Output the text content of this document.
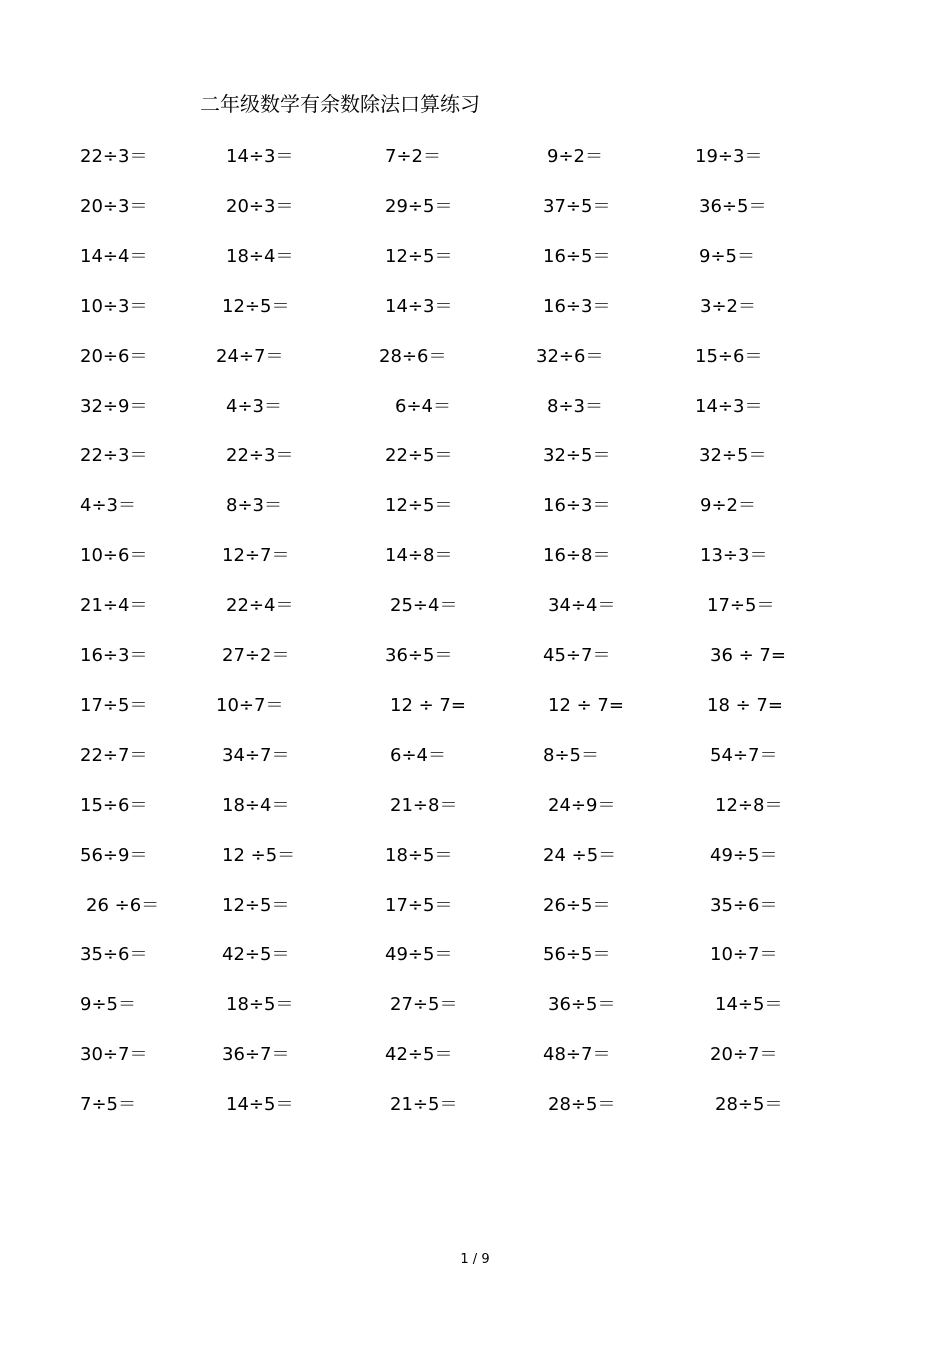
二年级数学有余数除法口算练习
22÷3＝	14÷3＝	7÷2＝	9÷2＝	19÷3＝
20÷3＝	20÷3＝	29÷5＝	37÷5＝	36÷5＝
14÷4＝	18÷4＝	12÷5＝	16÷5＝	9÷5＝
10÷3＝	12÷5＝	14÷3＝	16÷3＝	3÷2＝
20÷6＝	24÷7＝	28÷6＝	32÷6＝	15÷6＝
32÷9＝	4÷3＝	6÷4＝	8÷3＝	14÷3＝
22÷3＝	22÷3＝	22÷5＝	32÷5＝	32÷5＝
4÷3＝	8÷3＝	12÷5＝	16÷3＝	9÷2＝
10÷6＝	12÷7＝	14÷8＝	16÷8＝	13÷3＝
21÷4＝	22÷4＝	25÷4＝	34÷4＝	17÷5＝
16÷3＝	27÷2＝	36÷5＝	45÷7＝	36 ÷ 7=
17÷5＝	10÷7＝	12 ÷ 7=	12 ÷ 7=	18 ÷ 7=
22÷7＝	34÷7＝	6÷4＝	8÷5＝	54÷7＝
15÷6＝	18÷4＝	21÷8＝	24÷9＝	12÷8＝
56÷9＝	12 ÷5＝	18÷5＝	24 ÷5＝	49÷5＝
26 ÷6＝	12÷5＝	17÷5＝	26÷5＝	35÷6＝
35÷6＝	42÷5＝	49÷5＝	56÷5＝	10÷7＝
9÷5＝	18÷5＝	27÷5＝	36÷5＝	14÷5＝
30÷7＝	36÷7＝	42÷5＝	48÷7＝	20÷7＝
7÷5＝	14÷5＝	21÷5＝	28÷5＝	28÷5＝
1 / 9
